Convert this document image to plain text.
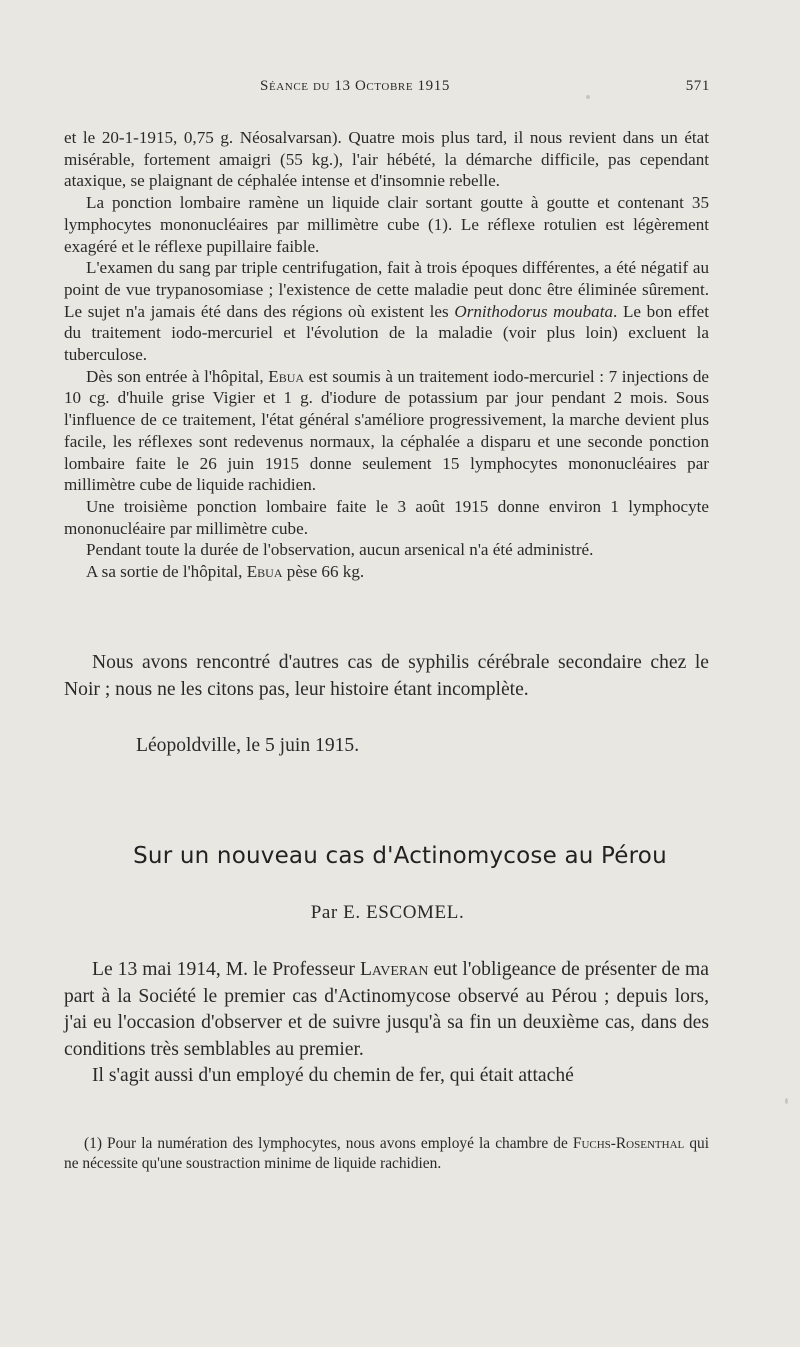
Séance du 13 Octobre 1915	571

et le 20-1-1915, 0,75 g. Néosalvarsan). Quatre mois plus tard, il nous revient dans un état misérable, fortement amaigri (55 kg.), l'air hébété, la démarche difficile, pas cependant ataxique, se plaignant de céphalée intense et d'insomnie rebelle.

La ponction lombaire ramène un liquide clair sortant goutte à goutte et contenant 35 lymphocytes mononucléaires par millimètre cube (1). Le réflexe rotulien est légèrement exagéré et le réflexe pupillaire faible.

L'examen du sang par triple centrifugation, fait à trois époques différentes, a été négatif au point de vue trypanosomiase ; l'existence de cette maladie peut donc être éliminée sûrement. Le sujet n'a jamais été dans des régions où existent les Ornithodorus moubata. Le bon effet du traitement iodo-mercuriel et l'évolution de la maladie (voir plus loin) excluent la tuberculose.

Dès son entrée à l'hôpital, Ebua est soumis à un traitement iodo-mercuriel : 7 injections de 10 cg. d'huile grise Vigier et 1 g. d'iodure de potassium par jour pendant 2 mois. Sous l'influence de ce traitement, l'état général s'améliore progressivement, la marche devient plus facile, les réflexes sont redevenus normaux, la céphalée a disparu et une seconde ponction lombaire faite le 26 juin 1915 donne seulement 15 lymphocytes mononucléaires par millimètre cube de liquide rachidien.

Une troisième ponction lombaire faite le 3 août 1915 donne environ 1 lymphocyte mononucléaire par millimètre cube.

Pendant toute la durée de l'observation, aucun arsenical n'a été administré.

A sa sortie de l'hôpital, Ebua pèse 66 kg.

Nous avons rencontré d'autres cas de syphilis cérébrale secondaire chez le Noir ; nous ne les citons pas, leur histoire étant incomplète.

Léopoldville, le 5 juin 1915.
Sur un nouveau cas d'Actinomycose au Pérou
Par E. ESCOMEL.

Le 13 mai 1914, M. le Professeur Laveran eut l'obligeance de présenter de ma part à la Société le premier cas d'Actinomycose observé au Pérou ; depuis lors, j'ai eu l'occasion d'observer et de suivre jusqu'à sa fin un deuxième cas, dans des conditions très semblables au premier.

Il s'agit aussi d'un employé du chemin de fer, qui était attaché

(1) Pour la numération des lymphocytes, nous avons employé la chambre de Fuchs-Rosenthal qui ne nécessite qu'une soustraction minime de liquide rachidien.
